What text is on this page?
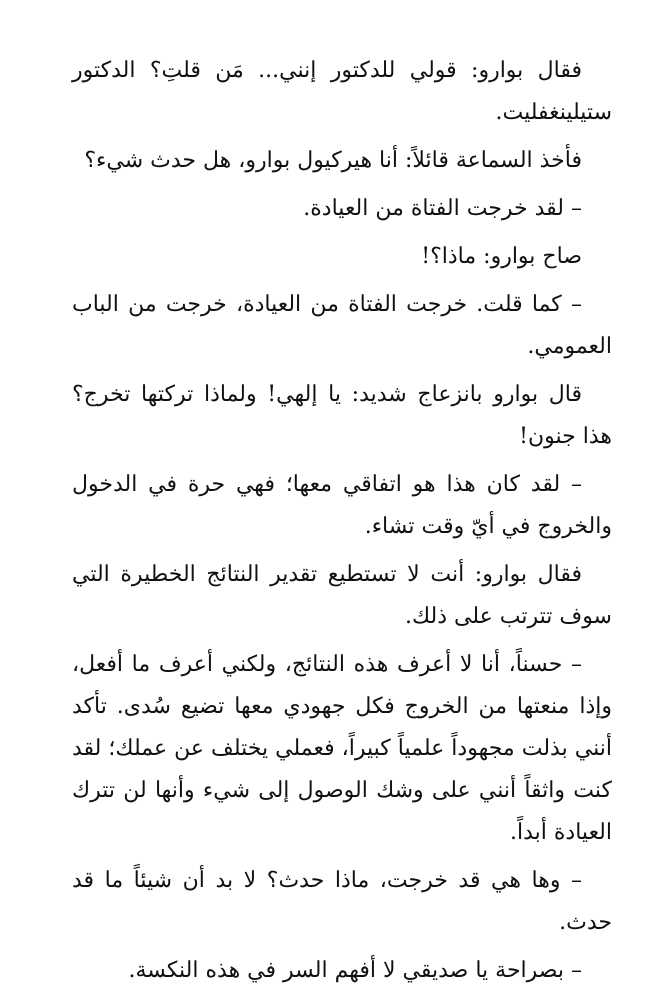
فقال بوارو: قولي للدكتور إنني... مَن قلتِ؟ الدكتور ستيلينغفليت.

فأخذ السماعة قائلاً: أنا هيركيول بوارو، هل حدث شيء؟

– لقد خرجت الفتاة من العيادة.

صاح بوارو: ماذا؟!

– كما قلت. خرجت الفتاة من العيادة، خرجت من الباب العمومي.

قال بوارو بانزعاج شديد: يا إلهي! ولماذا تركتها تخرج؟ هذا جنون!

– لقد كان هذا هو اتفاقي معها؛ فهي حرة في الدخول والخروج في أيّ وقت تشاء.

فقال بوارو: أنت لا تستطيع تقدير النتائج الخطيرة التي سوف تترتب على ذلك.

– حسناً، أنا لا أعرف هذه النتائج، ولكني أعرف ما أفعل، وإذا منعتها من الخروج فكل جهودي معها تضيع سُدى. تأكد أنني بذلت مجهوداً علمياً كبيراً، فعملي يختلف عن عملك؛ لقد كنت واثقاً أنني على وشك الوصول إلى شيء وأنها لن تترك العيادة أبداً.

– وها هي قد خرجت، ماذا حدث؟ لا بد أن شيئاً ما قد حدث.

– بصراحة يا صديقي لا أفهم السر في هذه النكسة.
